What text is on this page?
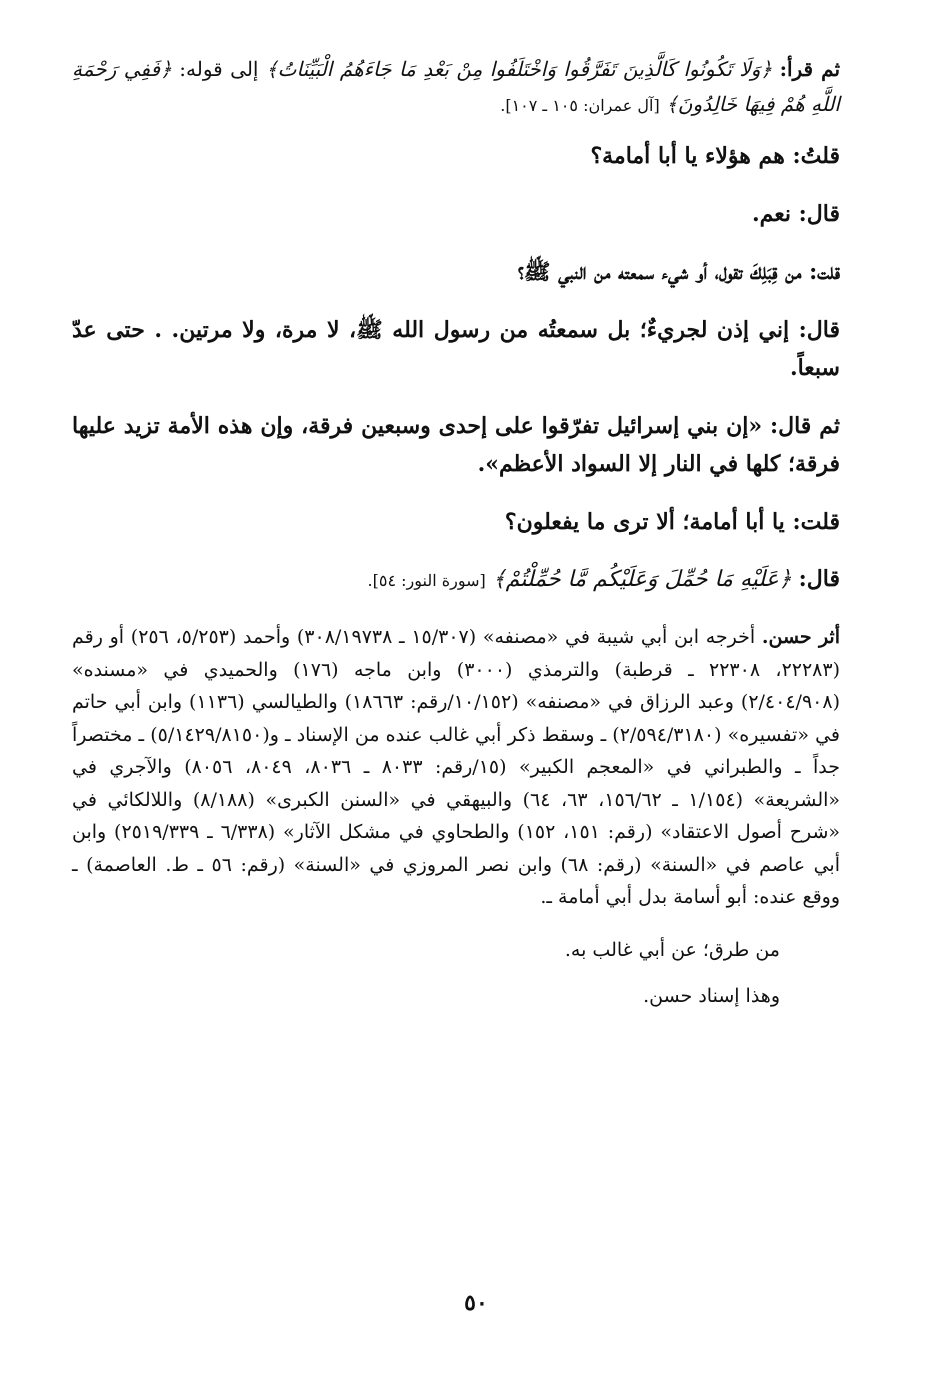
ثم قرأ: ﴿وَلَا تَكُونُوا كَالَّذِينَ تَفَرَّقُوا وَاخْتَلَفُوا مِنْ بَعْدِ مَا جَاءَهُمُ الْبَيِّنَاتُ﴾ إلى قوله: ﴿فَفِي رَحْمَةِ اللَّهِ هُمْ فِيهَا خَالِدُونَ﴾ [آل عمران: ١٠٥ ـ ١٠٧].

قلتُ: هم هؤلاء يا أبا أمامة؟

قال: نعم.

قلت: من قِبَلِكَ تقول، أو شيء سمعته من النبي ﷺ؟

قال: إني إذن لجريءٌ؛ بل سمعتُه من رسول الله ﷺ، لا مرة، ولا مرتين. . حتى عدّ سبعاً.

ثم قال: «إن بني إسرائيل تفرّقوا على إحدى وسبعين فرقة، وإن هذه الأمة تزيد عليها فرقة؛ كلها في النار إلا السواد الأعظم».

قلت: يا أبا أمامة؛ ألا ترى ما يفعلون؟

قال: ﴿عَلَيْهِ مَا حُمِّلَ وَعَلَيْكُم مَّا حُمِّلْتُمْ﴾ [سورة النور: ٥٤].

أثر حسن. أخرجه ابن أبي شيبة في «مصنفه» (١٥/٣٠٧ ـ ٣٠٨/١٩٧٣٨) وأحمد (٥/٢٥٣، ٢٥٦) أو رقم (٢٢٢٨٣، ٢٢٣٠٨ ـ قرطبة) والترمذي (٣٠٠٠) وابن ماجه (١٧٦) والحميدي في «مسنده» (٢/٤٠٤/٩٠٨) وعبد الرزاق في «مصنفه» (١٠/١٥٢/رقم: ١٨٦٦٣) والطيالسي (١١٣٦) وابن أبي حاتم في «تفسيره» (٢/٥٩٤/٣١٨٠) ـ وسقط ذكر أبي غالب عنده من الإسناد ـ و(٥/١٤٢٩/٨١٥٠) ـ مختصراً جداً ـ والطبراني في «المعجم الكبير» (١٥/رقم: ٨٠٣٣ ـ ٨٠٣٦، ٨٠٤٩، ٨٠٥٦) والآجري في «الشريعة» (١/١٥٤ ـ ١٥٦/٦٢، ٦٣، ٦٤) والبيهقي في «السنن الكبرى» (٨/١٨٨) واللالكائي في «شرح أصول الاعتقاد» (رقم: ١٥١، ١٥٢) والطحاوي في مشكل الآثار» (٦/٣٣٨ ـ ٢٥١٩/٣٣٩) وابن أبي عاصم في «السنة» (رقم: ٦٨) وابن نصر المروزي في «السنة» (رقم: ٥٦ ـ ط. العاصمة) ـ ووقع عنده: أبو أسامة بدل أبي أمامة ـ.

من طرق؛ عن أبي غالب به.

وهذا إسناد حسن.

٥٠
